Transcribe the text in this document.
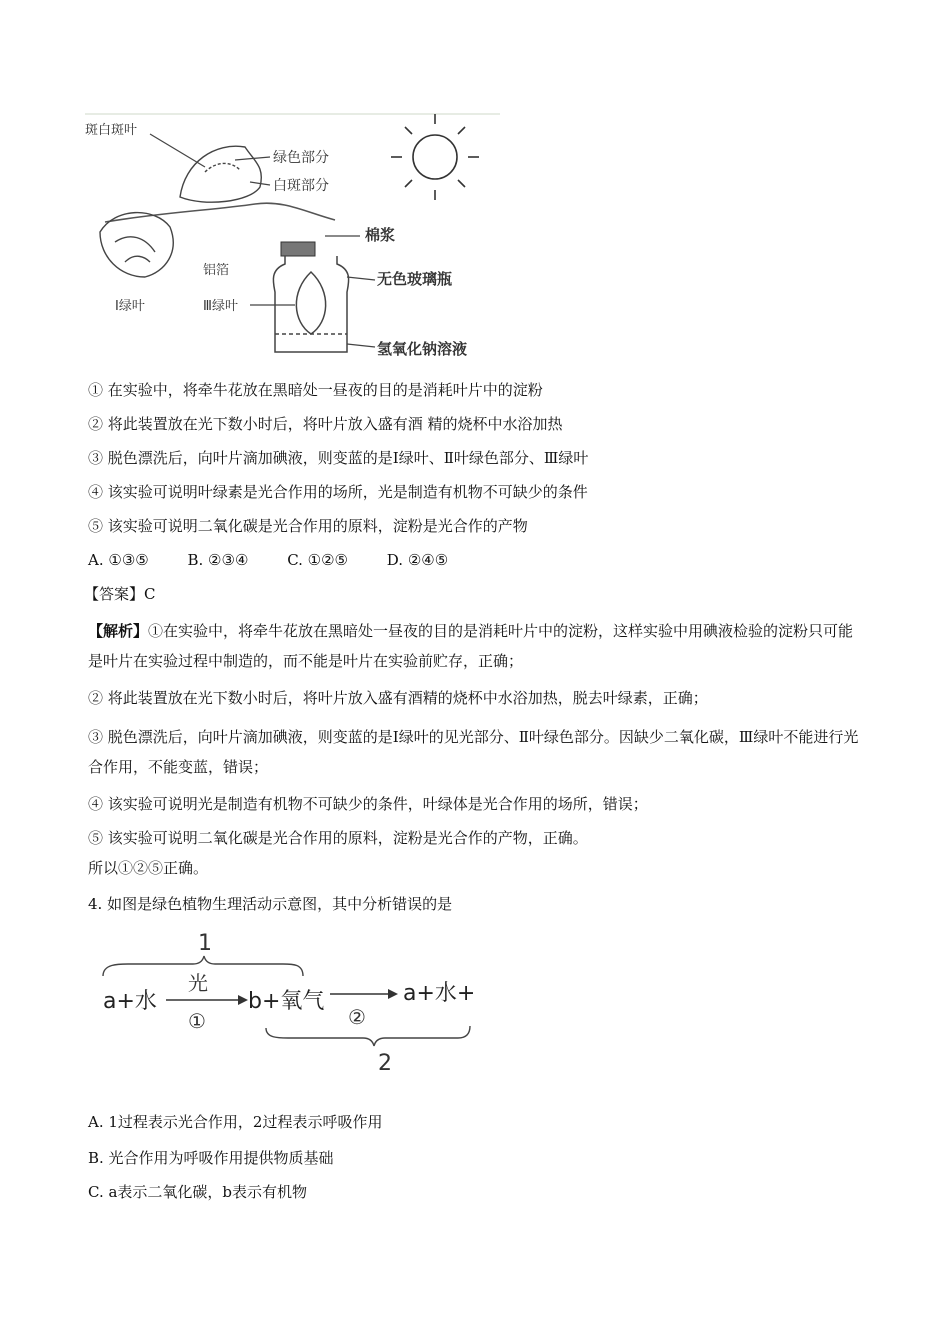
斑白斑叶
绿色部分
白斑部分
棉浆
无色玻璃瓶
氢氧化钠溶液
铝箔
Ⅰ绿叶	Ⅲ绿叶
① 在实验中，将牵牛花放在黑暗处一昼夜的目的是消耗叶片中的淀粉
② 将此装置放在光下数小时后，将叶片放入盛有酒 精的烧杯中水浴加热
③ 脱色漂洗后，向叶片滴加碘液，则变蓝的是Ⅰ绿叶、Ⅱ叶绿色部分、Ⅲ绿叶
④ 该实验可说明叶绿素是光合作用的场所，光是制造有机物不可缺少的条件
⑤ 该实验可说明二氧化碳是光合作用的原料，淀粉是光合作的产物
A. ①③⑤	B. ②③④	C. ①②⑤	D. ②④⑤
【答案】C
【解析】①在实验中，将牵牛花放在黑暗处一昼夜的目的是消耗叶片中的淀粉，这样实验中用碘液检验的淀粉只可能是叶片在实验过程中制造的，而不能是叶片在实验前贮存，正确；
② 将此装置放在光下数小时后，将叶片放入盛有酒精的烧杯中水浴加热，脱去叶绿素，正确；
③ 脱色漂洗后，向叶片滴加碘液，则变蓝的是Ⅰ绿叶的见光部分、Ⅱ叶绿色部分。因缺少二氧化碳，Ⅲ绿叶不能进行光合作用，不能变蓝，错误；
④ 该实验可说明光是制造有机物不可缺少的条件，叶绿体是光合作用的场所，错误；
⑤ 该实验可说明二氧化碳是光合作用的原料，淀粉是光合作的产物，正确。
所以①②⑤正确。
4. 如图是绿色植物生理活动示意图，其中分析错误的是
1
光
a+水
①
b+氧气
②
a+水+
2
A. 1过程表示光合作用，2过程表示呼吸作用
B. 光合作用为呼吸作用提供物质基础
C. a表示二氧化碳，b表示有机物
